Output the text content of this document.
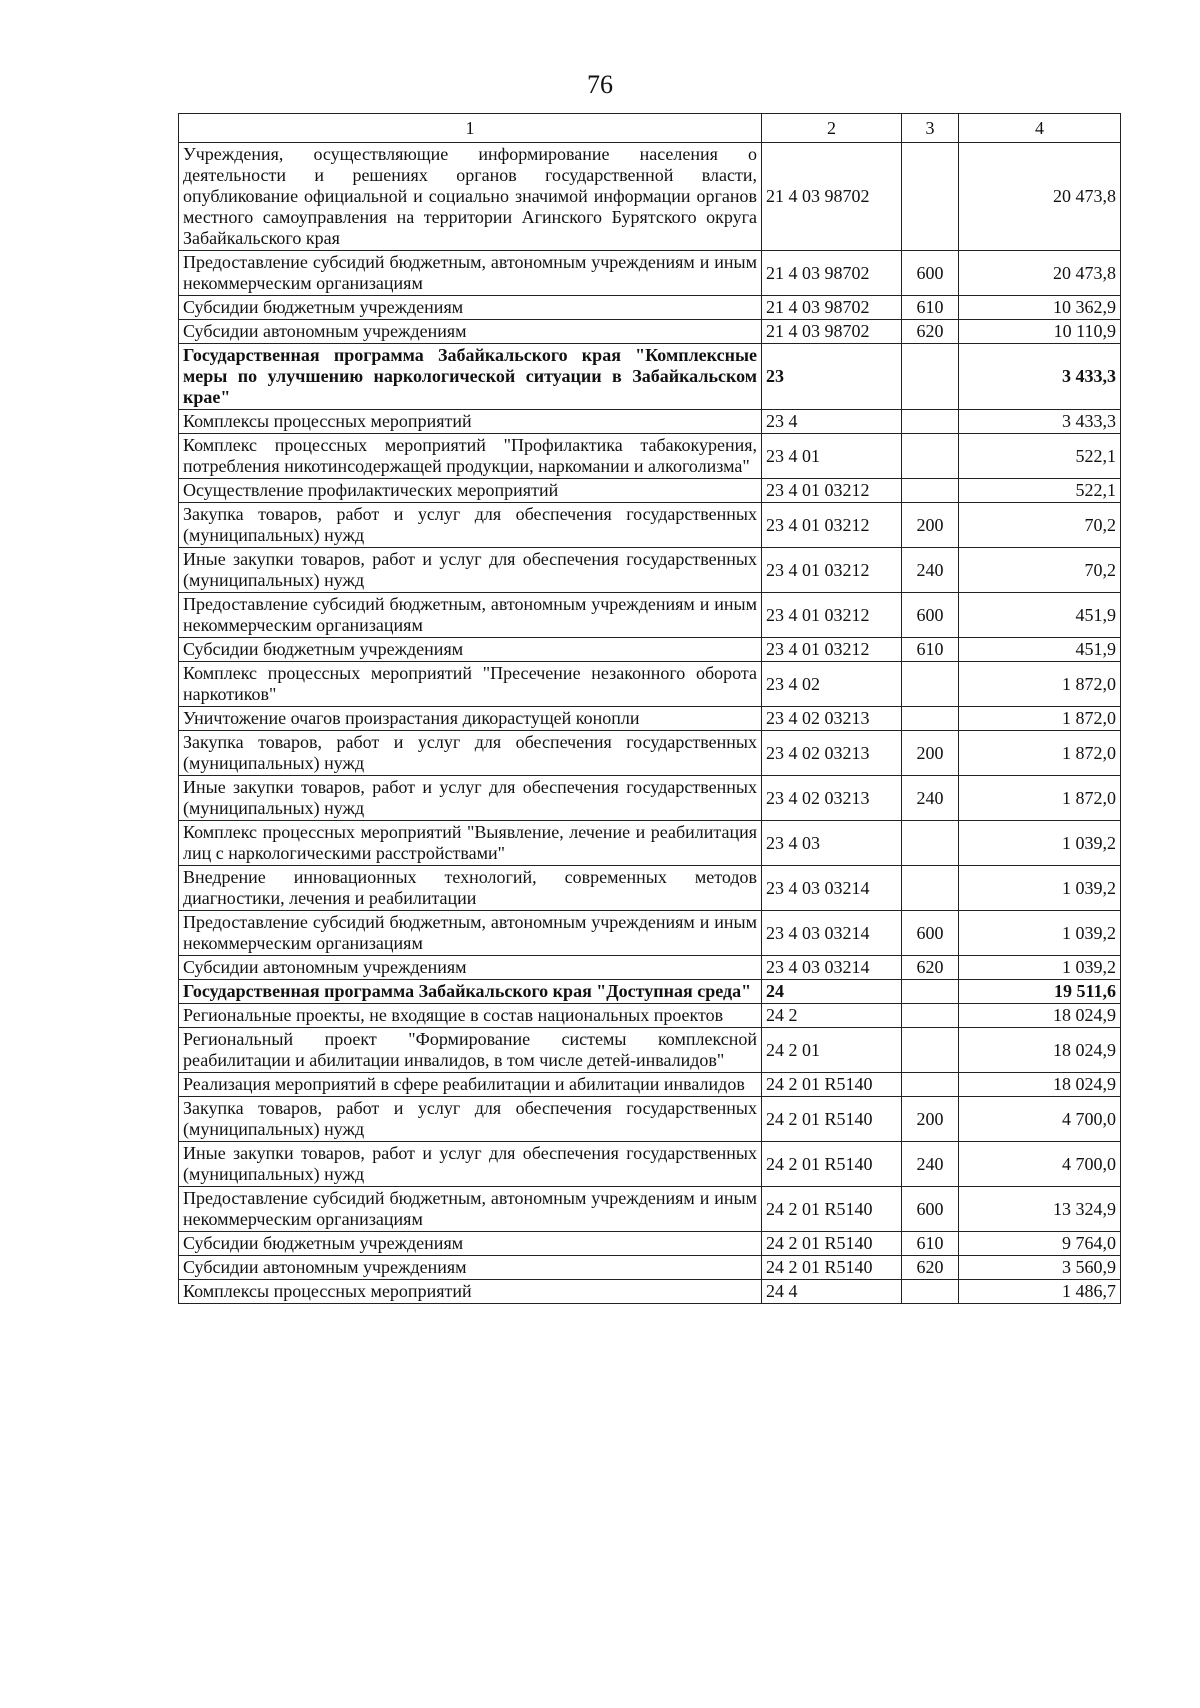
76
1	2	3	4
Учреждения, осуществляющие информирование населения о деятельности и решениях органов государственной власти, опубликование официальной и социально значимой информации органов местного самоуправления на территории Агинского Бурятского округа Забайкальского края	21 4 03 98702		20 473,8
Предоставление субсидий бюджетным, автономным учреждениям и иным некоммерческим организациям	21 4 03 98702	600	20 473,8
Субсидии бюджетным учреждениям	21 4 03 98702	610	10 362,9
Субсидии автономным учреждениям	21 4 03 98702	620	10 110,9
Государственная программа Забайкальского края "Комплексные меры по улучшению наркологической ситуации в Забайкальском крае"	23		3 433,3
Комплексы процессных мероприятий	23 4		3 433,3
Комплекс процессных мероприятий "Профилактика табакокурения, потребления никотинсодержащей продукции, наркомании и алкоголизма"	23 4 01		522,1
Осуществление профилактических мероприятий	23 4 01 03212		522,1
Закупка товаров, работ и услуг для обеспечения государственных (муниципальных) нужд	23 4 01 03212	200	70,2
Иные закупки товаров, работ и услуг для обеспечения государственных (муниципальных) нужд	23 4 01 03212	240	70,2
Предоставление субсидий бюджетным, автономным учреждениям и иным некоммерческим организациям	23 4 01 03212	600	451,9
Субсидии бюджетным учреждениям	23 4 01 03212	610	451,9
Комплекс процессных мероприятий "Пресечение незаконного оборота наркотиков"	23 4 02		1 872,0
Уничтожение очагов произрастания дикорастущей конопли	23 4 02 03213		1 872,0
Закупка товаров, работ и услуг для обеспечения государственных (муниципальных) нужд	23 4 02 03213	200	1 872,0
Иные закупки товаров, работ и услуг для обеспечения государственных (муниципальных) нужд	23 4 02 03213	240	1 872,0
Комплекс процессных мероприятий "Выявление, лечение и реабилитация лиц с наркологическими расстройствами"	23 4 03		1 039,2
Внедрение инновационных технологий, современных методов диагностики, лечения и реабилитации	23 4 03 03214		1 039,2
Предоставление субсидий бюджетным, автономным учреждениям и иным некоммерческим организациям	23 4 03 03214	600	1 039,2
Субсидии автономным учреждениям	23 4 03 03214	620	1 039,2
Государственная программа Забайкальского края "Доступная среда"	24		19 511,6
Региональные проекты, не входящие в состав национальных проектов	24 2		18 024,9
Региональный проект "Формирование системы комплексной реабилитации и абилитации инвалидов, в том числе детей-инвалидов"	24 2 01		18 024,9
Реализация мероприятий в сфере реабилитации и абилитации инвалидов	24 2 01 R5140		18 024,9
Закупка товаров, работ и услуг для обеспечения государственных (муниципальных) нужд	24 2 01 R5140	200	4 700,0
Иные закупки товаров, работ и услуг для обеспечения государственных (муниципальных) нужд	24 2 01 R5140	240	4 700,0
Предоставление субсидий бюджетным, автономным учреждениям и иным некоммерческим организациям	24 2 01 R5140	600	13 324,9
Субсидии бюджетным учреждениям	24 2 01 R5140	610	9 764,0
Субсидии автономным учреждениям	24 2 01 R5140	620	3 560,9
Комплексы процессных мероприятий	24 4		1 486,7
